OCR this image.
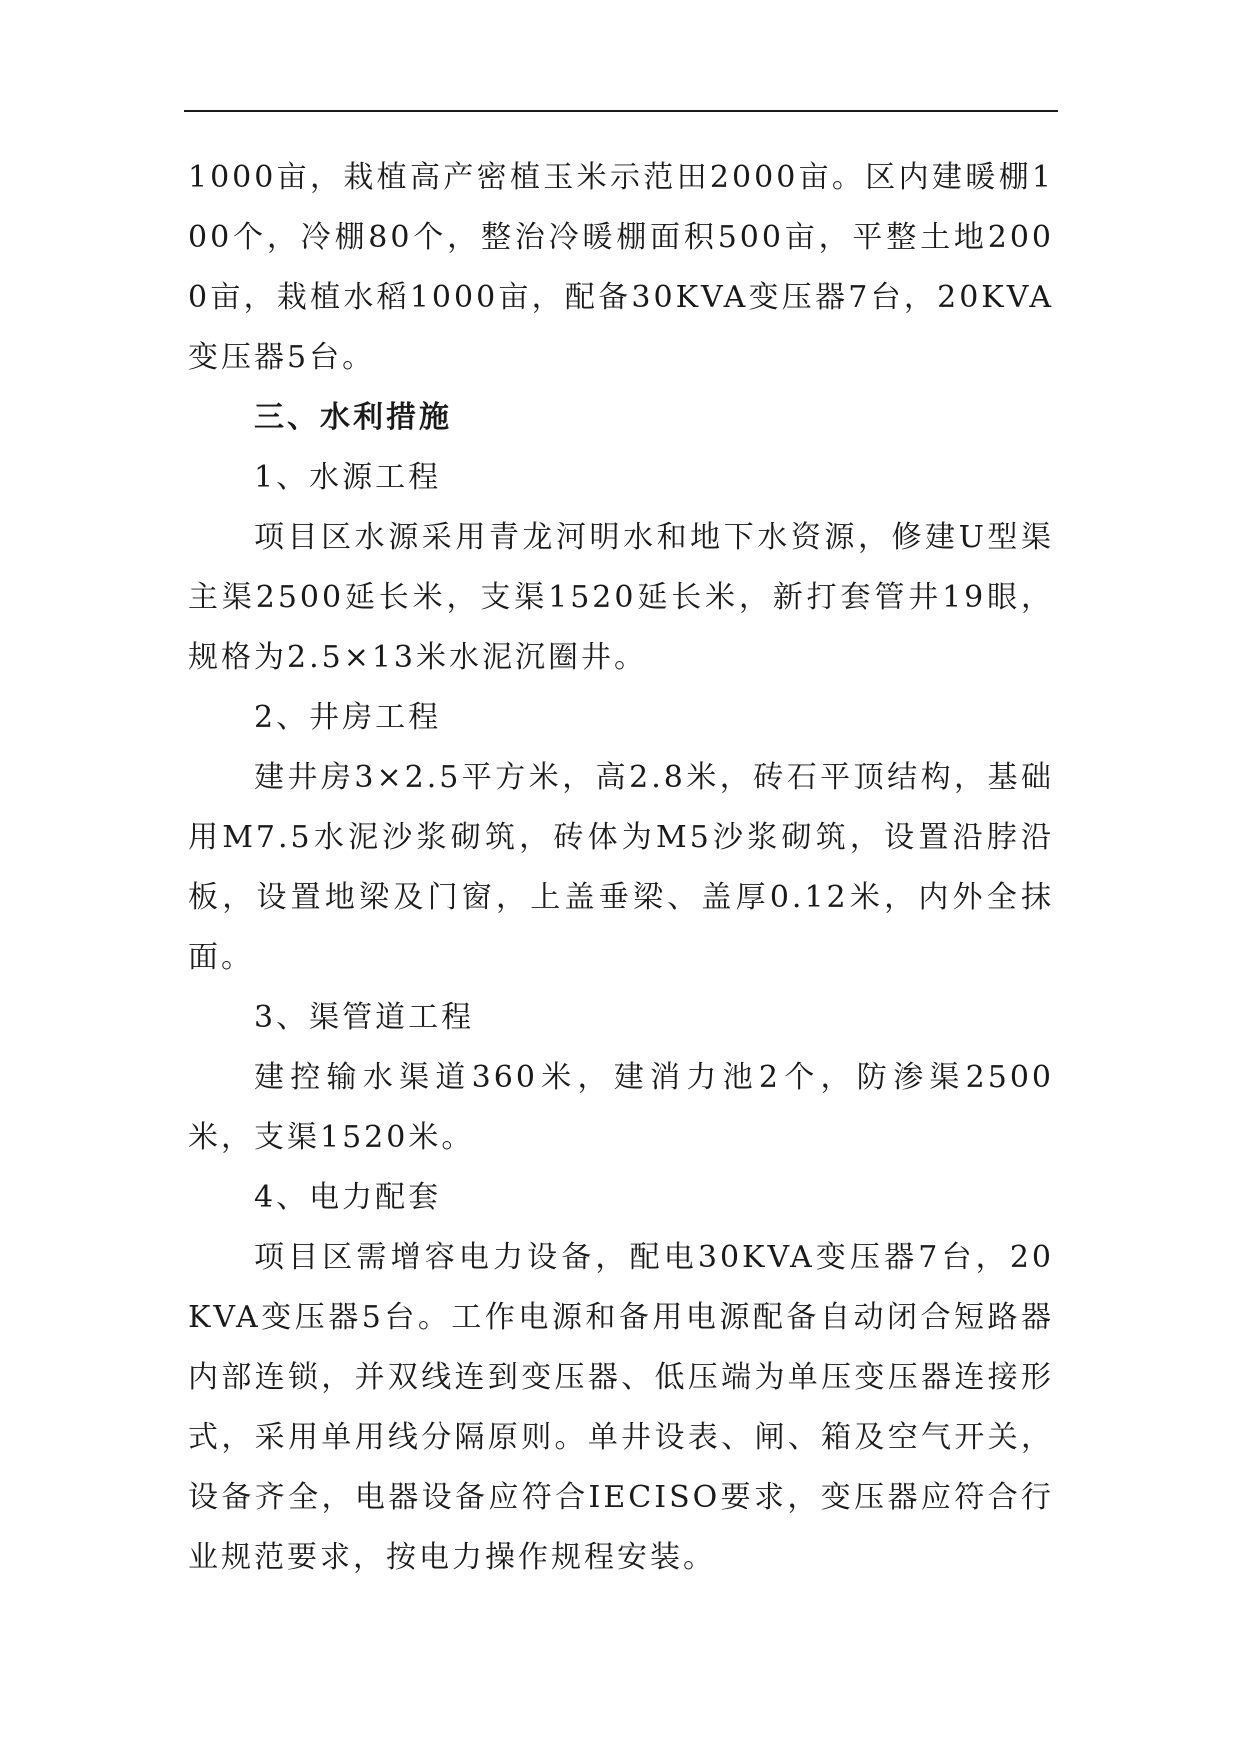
1000亩，栽植高产密植玉米示范田2000亩。区内建暖棚100个，冷棚80个，整治冷暖棚面积500亩，平整土地2000亩，栽植水稻1000亩，配备30KVA变压器7台，20KVA变压器5台。

三、水利措施

1、水源工程

项目区水源采用青龙河明水和地下水资源，修建U型渠主渠2500延长米，支渠1520延长米，新打套管井19眼，规格为2.5×13米水泥沉圈井。

2、井房工程

建井房3×2.5平方米，高2.8米，砖石平顶结构，基础用M7.5水泥沙浆砌筑，砖体为M5沙浆砌筑，设置沿脖沿板，设置地梁及门窗，上盖垂梁、盖厚0.12米，内外全抹面。

3、渠管道工程

建控输水渠道360米，建消力池2个，防渗渠2500米，支渠1520米。

4、电力配套

项目区需增容电力设备，配电30KVA变压器7台，20KVA变压器5台。工作电源和备用电源配备自动闭合短路器内部连锁，并双线连到变压器、低压端为单压变压器连接形式，采用单用线分隔原则。单井设表、闸、箱及空气开关，设备齐全，电器设备应符合IECISO要求，变压器应符合行业规范要求，按电力操作规程安装。
